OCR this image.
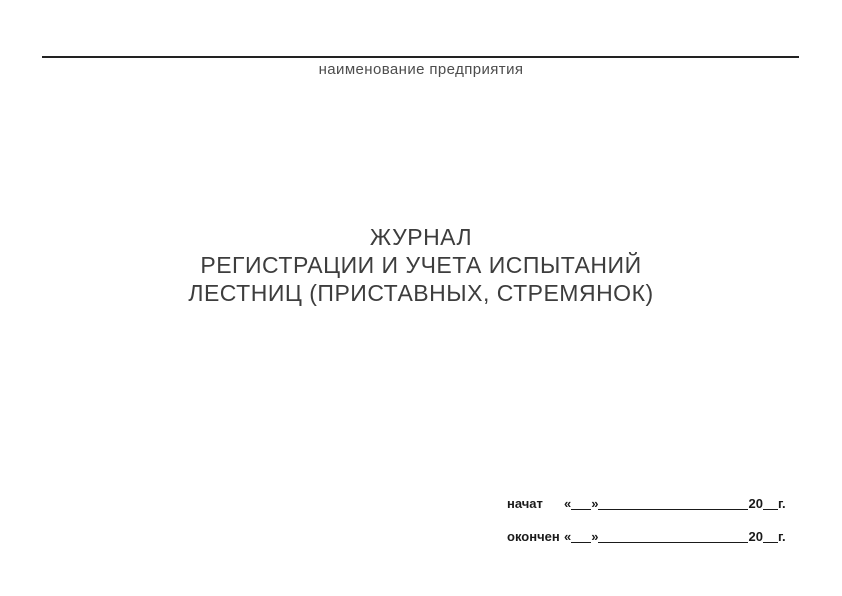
наименование предприятия
ЖУРНАЛ
РЕГИСТРАЦИИ И УЧЕТА ИСПЫТАНИЙ
ЛЕСТНИЦ (ПРИСТАВНЫХ, СТРЕМЯНОК)
начат	« »	20 г.
окончен « »	20 г.
